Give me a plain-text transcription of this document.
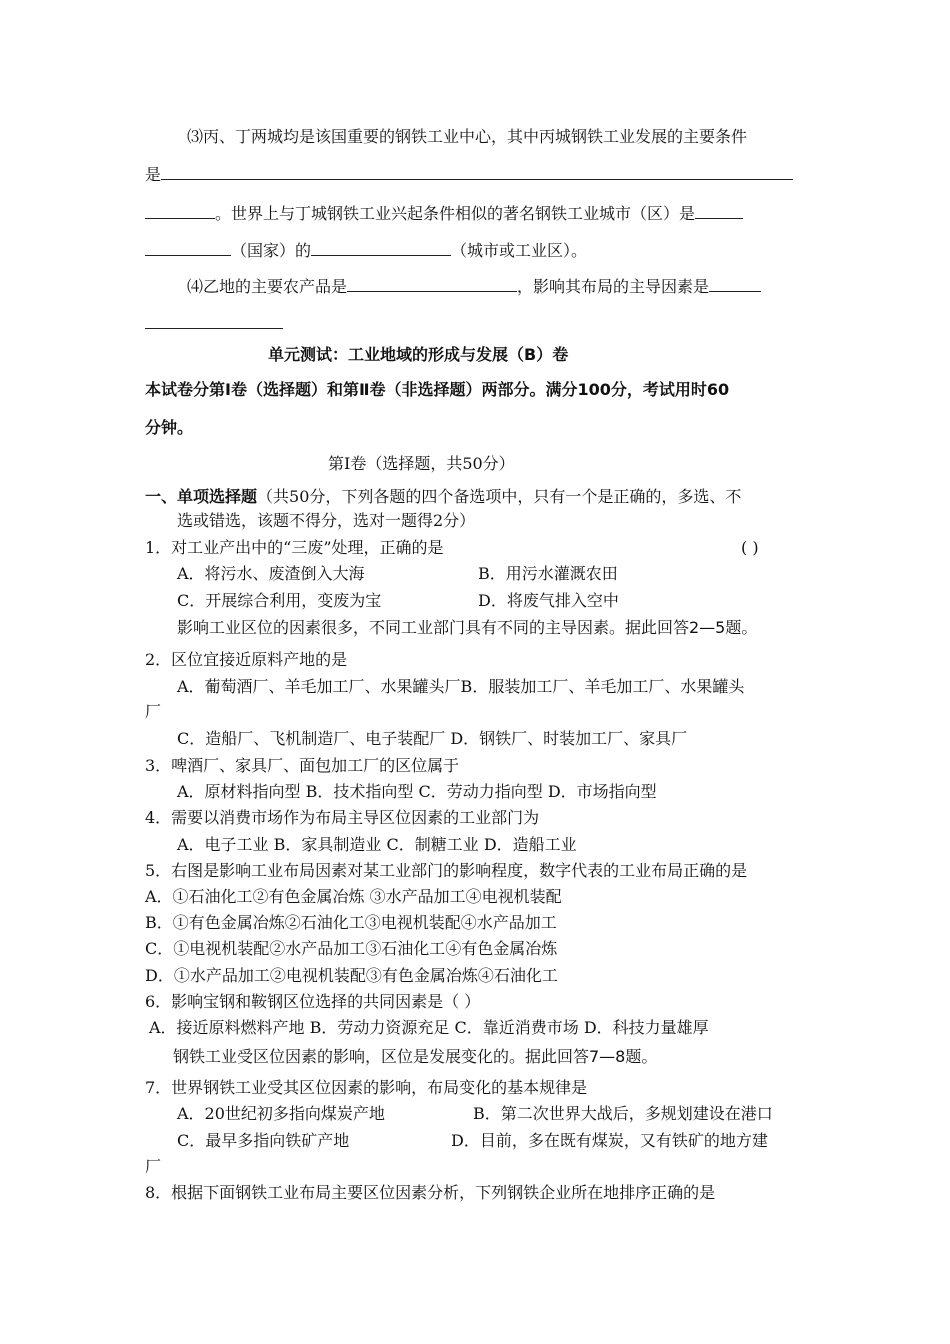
⑶丙、丁两城均是该国重要的钢铁工业中心，其中丙城钢铁工业发展的主要条件
是
。世界上与丁城钢铁工业兴起条件相似的著名钢铁工业城市（区）是
（国家）的	（城市或工业区）。
⑷乙地的主要农产品是	，影响其布局的主导因素是
单元测试：工业地域的形成与发展（B）卷
本试卷分第Ⅰ卷（选择题）和第Ⅱ卷（非选择题）两部分。满分100分，考试用时60
分钟。
第Ⅰ卷（选择题，共50分）
一、单项选择题（共50分，下列各题的四个备选项中，只有一个是正确的，多选、不
选或错选，该题不得分，选对一题得2分）
1．对工业产出中的“三废”处理，正确的是	( )
A．将污水、废渣倒入大海	B．用污水灌溉农田
C．开展综合利用，变废为宝	D．将废气排入空中
影响工业区位的因素很多，不同工业部门具有不同的主导因素。据此回答2—5题。
2．区位宜接近原料产地的是
A．葡萄酒厂、羊毛加工厂、水果罐头厂B．服装加工厂、羊毛加工厂、水果罐头
厂
C．造船厂、飞机制造厂、电子装配厂 D．钢铁厂、时装加工厂、家具厂
3．啤酒厂、家具厂、面包加工厂的区位属于
A．原材料指向型 B．技术指向型 C．劳动力指向型 D．市场指向型
4．需要以消费市场作为布局主导区位因素的工业部门为
A．电子工业 B．家具制造业 C．制糖工业 D．造船工业
5．右图是影响工业布局因素对某工业部门的影响程度，数字代表的工业布局正确的是
A．①石油化工②有色金属冶炼 ③水产品加工④电视机装配
B．①有色金属冶炼②石油化工③电视机装配④水产品加工
C．①电视机装配②水产品加工③石油化工④有色金属冶炼
D．①水产品加工②电视机装配③有色金属冶炼④石油化工
6．影响宝钢和鞍钢区位选择的共同因素是（ ）
A．接近原料燃料产地 B．劳动力资源充足 C．靠近消费市场 D．科技力量雄厚
钢铁工业受区位因素的影响，区位是发展变化的。据此回答7—8题。
7．世界钢铁工业受其区位因素的影响，布局变化的基本规律是
A．20世纪初多指向煤炭产地	B．第二次世界大战后，多规划建设在港口
C．最早多指向铁矿产地	D．目前，多在既有煤炭，又有铁矿的地方建
厂
8．根据下面钢铁工业布局主要区位因素分析，下列钢铁企业所在地排序正确的是
